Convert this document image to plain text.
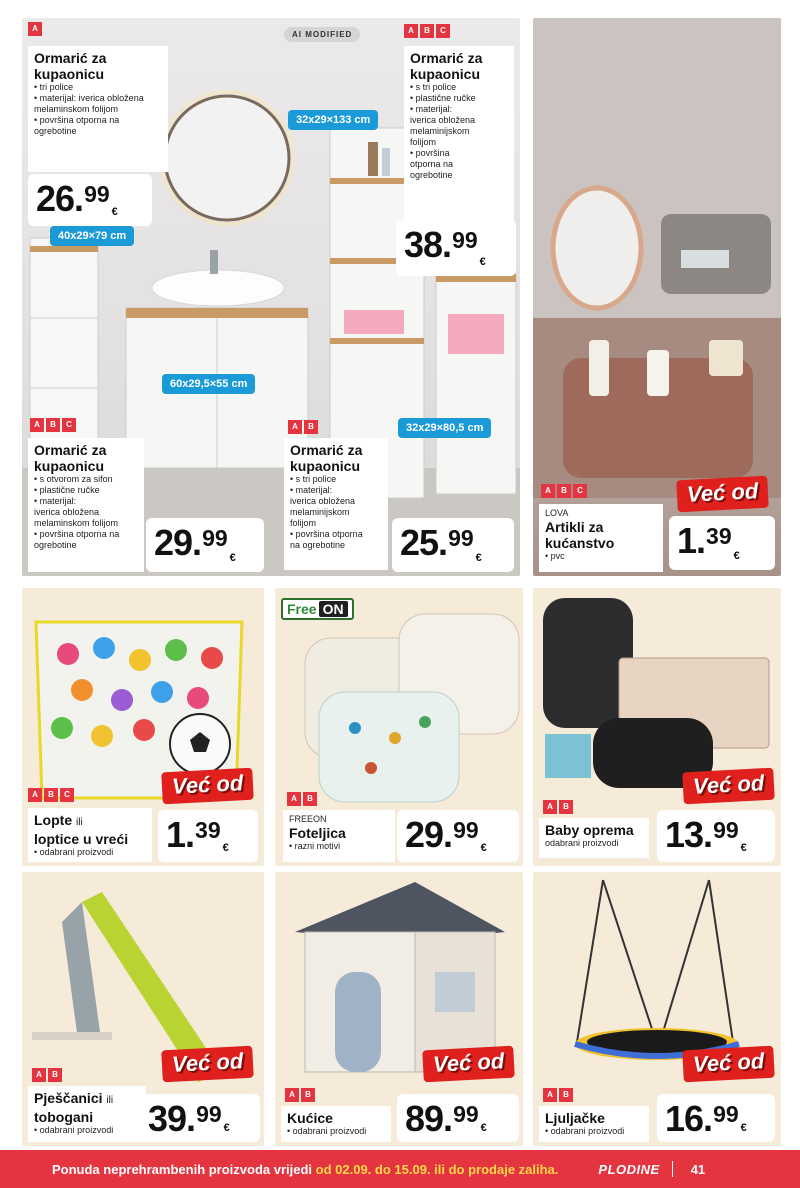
AI MODIFIED
A
Ormarić za kupaonicu
• tri police
• materijal: iverica obložena
melaminskom folijom
• površina otporna na
ogrebotine
26 . 99
€
40x29×79 cm
A	B	C
Ormarić za kupaonicu
• s tri police
• plastične ručke
• materijal:
iverica obložena
melaminijskom
folijom
• površina
otporna na
ogrebotine
38 . 99
€
32x29×133 cm
60x29,5×55 cm
A	B	C
Ormarić za kupaonicu
• s otvorom za sifon
• plastične ručke
• materijal:
iverica obložena
melaminskom folijom
• površina otporna na
ogrebotine	29 . 99
€
32x29×80,5 cm
A	B
Ormarić za kupaonicu
• s tri police
• materijal:
iverica obložena
melaminijskom
folijom
• površina otporna
na ogrebotine	25 . 99
€
Već od
A	B	C
LOVA
Artikli za kućanstvo
• pvc	1 . 39
€
Već od
A	B	C
Lopte ili
loptice u vreći
• odabrani proizvodi	1 . 39
€
Free ON
A	B
FREEON
Foteljica
• razni motivi	29 . 99
€
Već od
A	B
Baby oprema
odabrani proizvodi	13 . 99
€
Već od
A	B
Pješčanici ili
tobogani
• odabrani proizvodi 39 . 99
€
Već od
A	B
Kućice
• odabrani proizvodi	89 . 99
€
Već od
A	B
Ljuljačke
• odabrani proizvodi	16 . 99
€
Ponuda neprehrambenih proizvoda vrijedi od 02.09. do 15.09. ili do prodaje zaliha.	PLODINE 41
